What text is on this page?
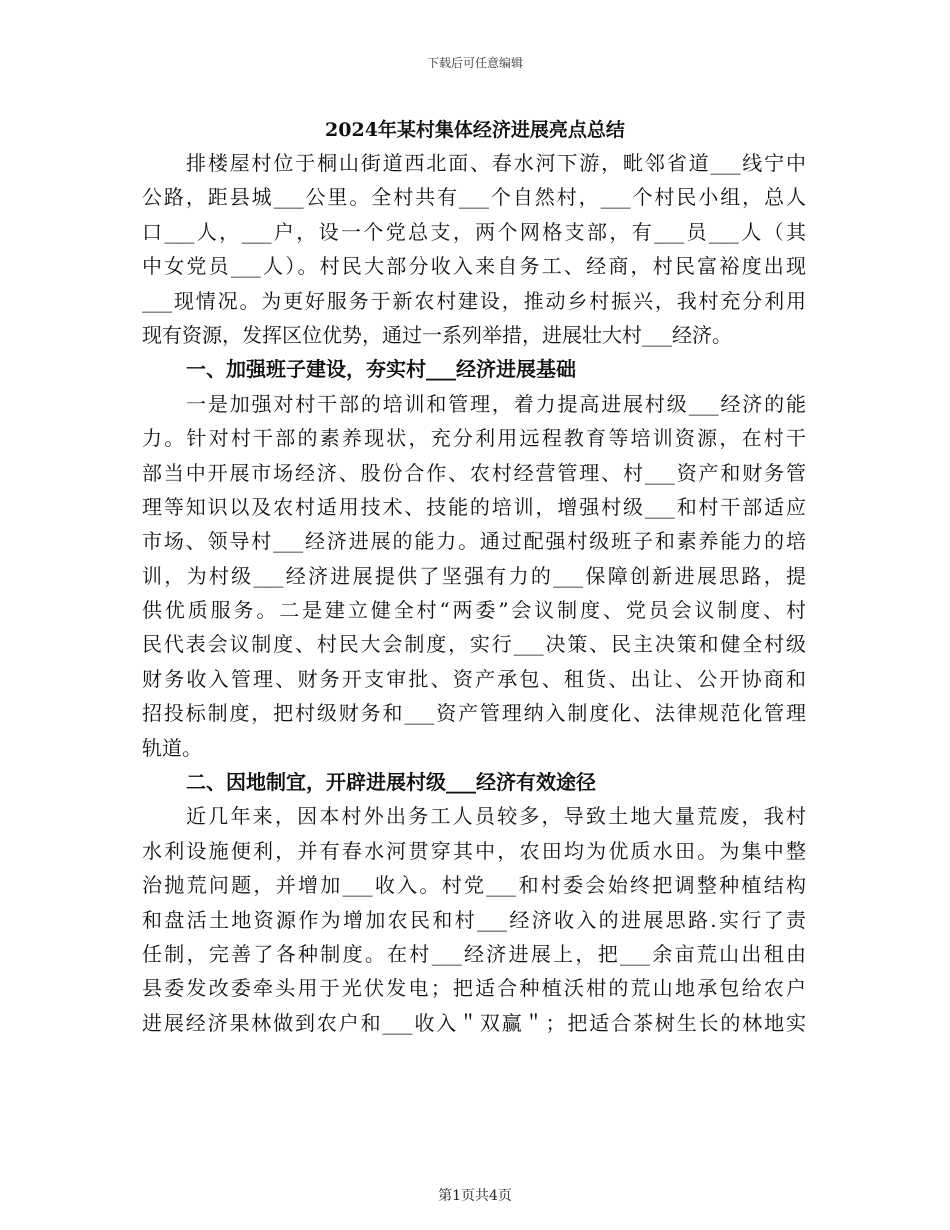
下载后可任意编辑
2024年某村集体经济进展亮点总结
排楼屋村位于桐山街道西北面、春水河下游，毗邻省道___线宁中
公路，距县城___公里。全村共有___个自然村，___个村民小组，总人
口___人，___户，设一个党总支，两个网格支部，有___员___人（其
中女党员___人）。村民大部分收入来自务工、经商，村民富裕度出现
___现情况。为更好服务于新农村建设，推动乡村振兴，我村充分利用
现有资源，发挥区位优势，通过一系列举措，进展壮大村___经济。
一、加强班子建设，夯实村___经济进展基础
一是加强对村干部的培训和管理，着力提高进展村级___经济的能
力。针对村干部的素养现状，充分利用远程教育等培训资源，在村干
部当中开展市场经济、股份合作、农村经营管理、村___资产和财务管
理等知识以及农村适用技术、技能的培训，增强村级___和村干部适应
市场、领导村___经济进展的能力。通过配强村级班子和素养能力的培
训，为村级___经济进展提供了坚强有力的___保障创新进展思路，提
供优质服务。二是建立健全村“两委”会议制度、党员会议制度、村
民代表会议制度、村民大会制度，实行___决策、民主决策和健全村级
财务收入管理、财务开支审批、资产承包、租货、出让、公开协商和
招投标制度，把村级财务和___资产管理纳入制度化、法律规范化管理
轨道。
二、因地制宜，开辟进展村级___经济有效途径
近几年来，因本村外出务工人员较多，导致土地大量荒废，我村
水利设施便利，并有春水河贯穿其中，农田均为优质水田。为集中整
治抛荒问题，并增加___收入。村党___和村委会始终把调整种植结构
和盘活土地资源作为增加农民和村___经济收入的进展思路.实行了责
任制，完善了各种制度。在村___经济进展上，把___余亩荒山出租由
县委发改委牵头用于光伏发电；把适合种植沃柑的荒山地承包给农户
进展经济果林做到农户和___收入＂双赢＂；把适合茶树生长的林地实
第1页共4页
